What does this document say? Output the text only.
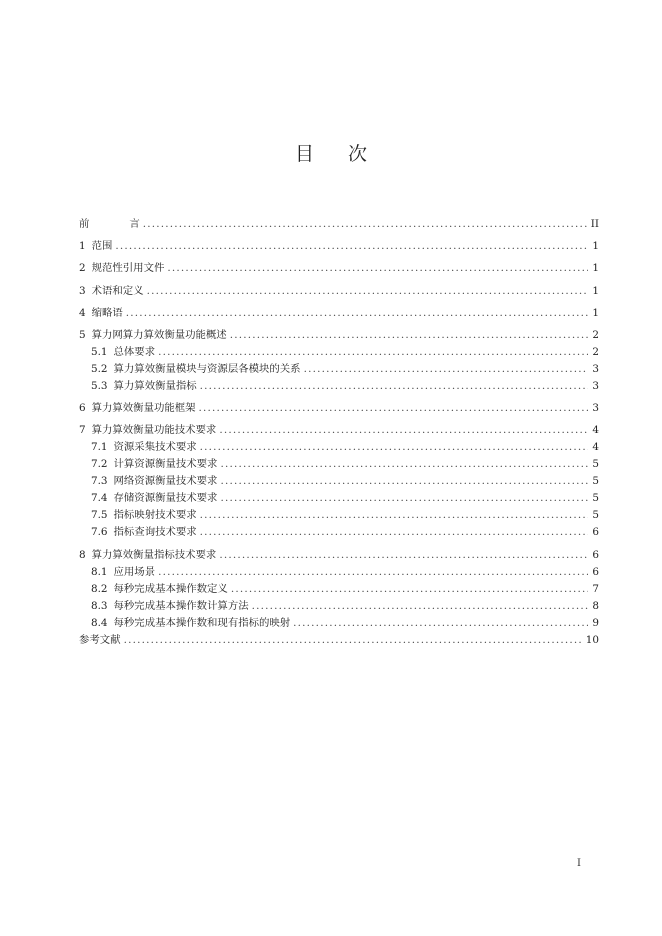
目 次
前	言 .....	II
1 范围 .....	1
2 规范性引用文件 .....	1
3 术语和定义 .....	1
4 缩略语 .....	1
5 算力网算力算效衡量功能概述 .....	2
5.1 总体要求 .....	2
5.2 算力算效衡量模块与资源层各模块的关系 .....	3
5.3 算力算效衡量指标 .....	3
6 算力算效衡量功能框架 .....	3
7 算力算效衡量功能技术要求 .....	4
7.1 资源采集技术要求 .....	4
7.2 计算资源衡量技术要求 .....	5
7.3 网络资源衡量技术要求 .....	5
7.4 存储资源衡量技术要求 .....	5
7.5 指标映射技术要求 .....	5
7.6 指标查询技术要求 .....	6
8 算力算效衡量指标技术要求 .....	6
8.1 应用场景 .....	6
8.2 每秒完成基本操作数定义 .....	7
8.3 每秒完成基本操作数计算方法 .....	8
8.4 每秒完成基本操作数和现有指标的映射 .....	9
参考文献 .....	10
I
